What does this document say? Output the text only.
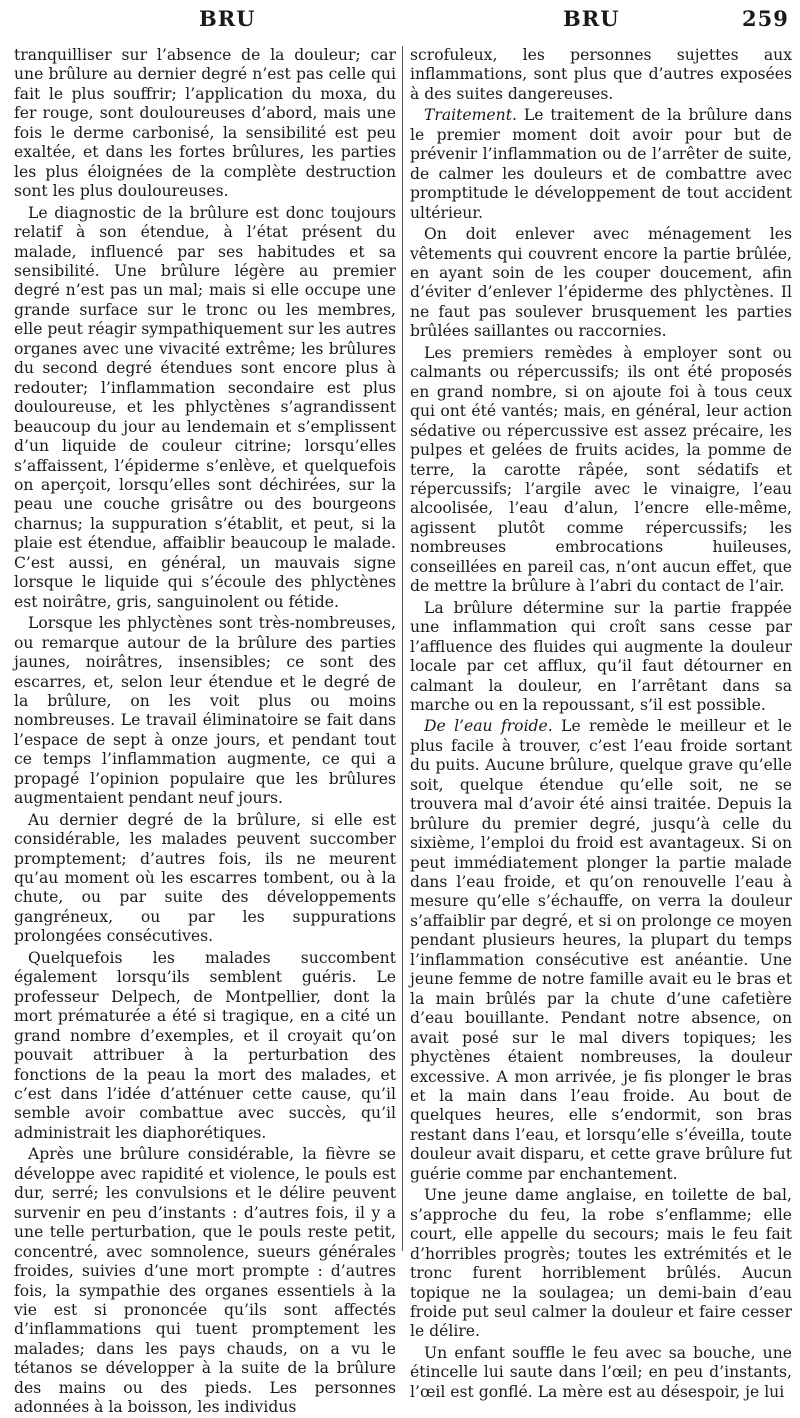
BRU	BRU	259

tranquilliser sur l’absence de la douleur; car une brûlure au dernier degré n’est pas celle qui fait le plus souffrir; l’application du moxa, du fer rouge, sont douloureuses d’abord, mais une fois le derme carbonisé, la sensibilité est peu exaltée, et dans les fortes brûlures, les parties les plus éloignées de la complète destruction sont les plus douloureuses.

Le diagnostic de la brûlure est donc toujours relatif à son étendue, à l’état présent du malade, influencé par ses habitudes et sa sensibilité. Une brûlure légère au premier degré n’est pas un mal; mais si elle occupe une grande surface sur le tronc ou les membres, elle peut réagir sympathiquement sur les autres organes avec une vivacité extrême; les brûlures du second degré étendues sont encore plus à redouter; l’inflammation secondaire est plus douloureuse, et les phlyctènes s’agrandissent beaucoup du jour au lendemain et s’emplissent d’un liquide de couleur citrine; lorsqu’elles s’affaissent, l’épiderme s’enlève, et quelquefois on aperçoit, lorsqu’elles sont déchirées, sur la peau une couche grisâtre ou des bourgeons charnus; la suppuration s’établit, et peut, si la plaie est étendue, affaiblir beaucoup le malade. C’est aussi, en général, un mauvais signe lorsque le liquide qui s’écoule des phlyctènes est noirâtre, gris, sanguinolent ou fétide.

Lorsque les phlyctènes sont très-nombreuses, ou remarque autour de la brûlure des parties jaunes, noirâtres, insensibles; ce sont des escarres, et, selon leur étendue et le degré de la brûlure, on les voit plus ou moins nombreuses. Le travail éliminatoire se fait dans l’espace de sept à onze jours, et pendant tout ce temps l’inflammation augmente, ce qui a propagé l’opinion populaire que les brûlures augmentaient pendant neuf jours.

Au dernier degré de la brûlure, si elle est considérable, les malades peuvent succomber promptement; d’autres fois, ils ne meurent qu’au moment où les escarres tombent, ou à la chute, ou par suite des développements gangréneux, ou par les suppurations prolongées consécutives.

Quelquefois les malades succombent également lorsqu’ils semblent guéris. Le professeur Delpech, de Montpellier, dont la mort prématurée a été si tragique, en a cité un grand nombre d’exemples, et il croyait qu’on pouvait attribuer à la perturbation des fonctions de la peau la mort des malades, et c’est dans l’idée d’atténuer cette cause, qu’il semble avoir combattue avec succès, qu’il administrait les diaphorétiques.

Après une brûlure considérable, la fièvre se développe avec rapidité et violence, le pouls est dur, serré; les convulsions et le délire peuvent survenir en peu d’instants : d’autres fois, il y a une telle perturbation, que le pouls reste petit, concentré, avec somnolence, sueurs générales froides, suivies d’une mort prompte : d’autres fois, la sympathie des organes essentiels à la vie est si prononcée qu’ils sont affectés d’inflammations qui tuent promptement les malades; dans les pays chauds, on a vu le tétanos se développer à la suite de la brûlure des mains ou des pieds. Les personnes adonnées à la boisson, les individus

scrofuleux, les personnes sujettes aux inflammations, sont plus que d’autres exposées à des suites dangereuses.

Traitement. Le traitement de la brûlure dans le premier moment doit avoir pour but de prévenir l’inflammation ou de l’arrêter de suite, de calmer les douleurs et de combattre avec promptitude le développement de tout accident ultérieur.

On doit enlever avec ménagement les vêtements qui couvrent encore la partie brûlée, en ayant soin de les couper doucement, afin d’éviter d’enlever l’épiderme des phlyctènes. Il ne faut pas soulever brusquement les parties brûlées saillantes ou raccornies.

Les premiers remèdes à employer sont ou calmants ou répercussifs; ils ont été proposés en grand nombre, si on ajoute foi à tous ceux qui ont été vantés; mais, en général, leur action sédative ou répercussive est assez précaire, les pulpes et gelées de fruits acides, la pomme de terre, la carotte râpée, sont sédatifs et répercussifs; l’argile avec le vinaigre, l’eau alcoolisée, l’eau d’alun, l’encre elle-même, agissent plutôt comme répercussifs; les nombreuses embrocations huileuses, conseillées en pareil cas, n’ont aucun effet, que de mettre la brûlure à l’abri du contact de l’air.

La brûlure détermine sur la partie frappée une inflammation qui croît sans cesse par l’affluence des fluides qui augmente la douleur locale par cet afflux, qu’il faut détourner en calmant la douleur, en l’arrêtant dans sa marche ou en la repoussant, s’il est possible.

De l’eau froide. Le remède le meilleur et le plus facile à trouver, c’est l’eau froide sortant du puits. Aucune brûlure, quelque grave qu’elle soit, quelque étendue qu’elle soit, ne se trouvera mal d’avoir été ainsi traitée. Depuis la brûlure du premier degré, jusqu’à celle du sixième, l’emploi du froid est avantageux. Si on peut immédiatement plonger la partie malade dans l’eau froide, et qu’on renouvelle l’eau à mesure qu’elle s’échauffe, on verra la douleur s’affaiblir par degré, et si on prolonge ce moyen pendant plusieurs heures, la plupart du temps l’inflammation consécutive est anéantie. Une jeune femme de notre famille avait eu le bras et la main brûlés par la chute d’une cafetière d’eau bouillante. Pendant notre absence, on avait posé sur le mal divers topiques; les phyctènes étaient nombreuses, la douleur excessive. A mon arrivée, je fis plonger le bras et la main dans l’eau froide. Au bout de quelques heures, elle s’endormit, son bras restant dans l’eau, et lorsqu’elle s’éveilla, toute douleur avait disparu, et cette grave brûlure fut guérie comme par enchantement.

Une jeune dame anglaise, en toilette de bal, s’approche du feu, la robe s’enflamme; elle court, elle appelle du secours; mais le feu fait d’horribles progrès; toutes les extrémités et le tronc furent horriblement brûlés. Aucun topique ne la soulagea; un demi-bain d’eau froide put seul calmer la douleur et faire cesser le délire.

Un enfant souffle le feu avec sa bouche, une étincelle lui saute dans l’œil; en peu d’instants, l’œil est gonflé. La mère est au désespoir, je lui
